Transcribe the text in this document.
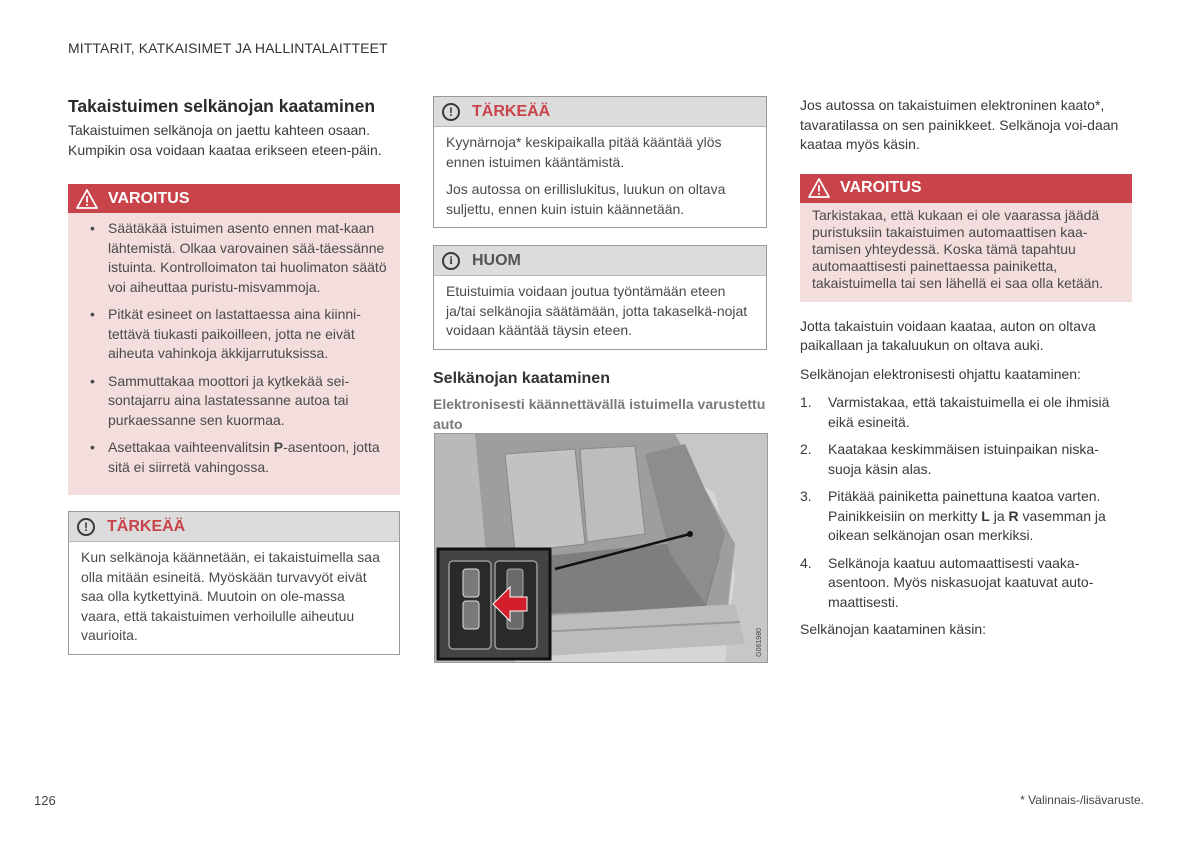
MITTARIT, KATKAISIMET JA HALLINTALAITTEET
Takaistuimen selkänojan kaataminen

Takaistuimen selkänoja on jaettu kahteen osaan. Kumpikin osa voidaan kaataa erikseen eteen-päin.

VAROITUS
• Säätäkää istuimen asento ennen mat-kaan lähtemistä. Olkaa varovainen sää-täessänne istuinta. Kontrolloimaton tai huolimaton säätö voi aiheuttaa puristu-misvammoja.
• Pitkät esineet on lastattaessa aina kiinni-tettävä tiukasti paikoilleen, jotta ne eivät aiheuta vahinkoja äkkijarrutuksissa.
• Sammuttakaa moottori ja kytkekää sei-sontajarru aina lastatessanne autoa tai purkaessanne sen kuormaa.
• Asettakaa vaihteenvalitsin P-asentoon, jotta sitä ei siirretä vahingossa.
!	TÄRKEÄÄ

Kun selkänoja käännetään, ei takaistuimella saa olla mitään esineitä. Myöskään turvavyöt eivät saa olla kytkettyinä. Muutoin on ole-massa vaara, että takaistuimen verhoilulle aiheutuu vaurioita.

!	TÄRKEÄÄ

Kyynärnoja* keskipaikalla pitää kääntää ylös ennen istuimen kääntämistä.

Jos autossa on erillislukitus, luukun on oltava suljettu, ennen kuin istuin käännetään.

i	HUOM

Etuistuimia voidaan joutua työntämään eteen ja/tai selkänojia säätämään, jotta takaselkä-nojat voidaan kääntää täysin eteen.

Selkänojan kaataminen
Elektronisesti käännettävällä istuimella varustettu auto
G061980

Jos autossa on takaistuimen elektroninen kaato*, tavaratilassa on sen painikkeet. Selkänoja voi-daan kaataa myös käsin.

VAROITUS

Tarkistakaa, että kukaan ei ole vaarassa jäädä puristuksiin takaistuimen automaattisen kaa-tamisen yhteydessä. Koska tämä tapahtuu automaattisesti painettaessa painiketta, takaistuimella tai sen lähellä ei saa olla ketään.

Jotta takaistuin voidaan kaataa, auton on oltava paikallaan ja takaluukun on oltava auki.

Selkänojan elektronisesti ohjattu kaataminen:

1. Varmistakaa, että takaistuimella ei ole ihmisiä eikä esineitä.
2. Kaatakaa keskimmäisen istuinpaikan niska-suoja käsin alas.
3. Pitäkää painiketta painettuna kaatoa varten. Painikkeisiin on merkitty L ja R vasemman ja oikean selkänojan osan merkiksi.
4. Selkänoja kaatuu automaattisesti vaaka-asentoon. Myös niskasuojat kaatuvat auto-maattisesti.

Selkänojan kaataminen käsin:

126	* Valinnais-/lisävaruste.
